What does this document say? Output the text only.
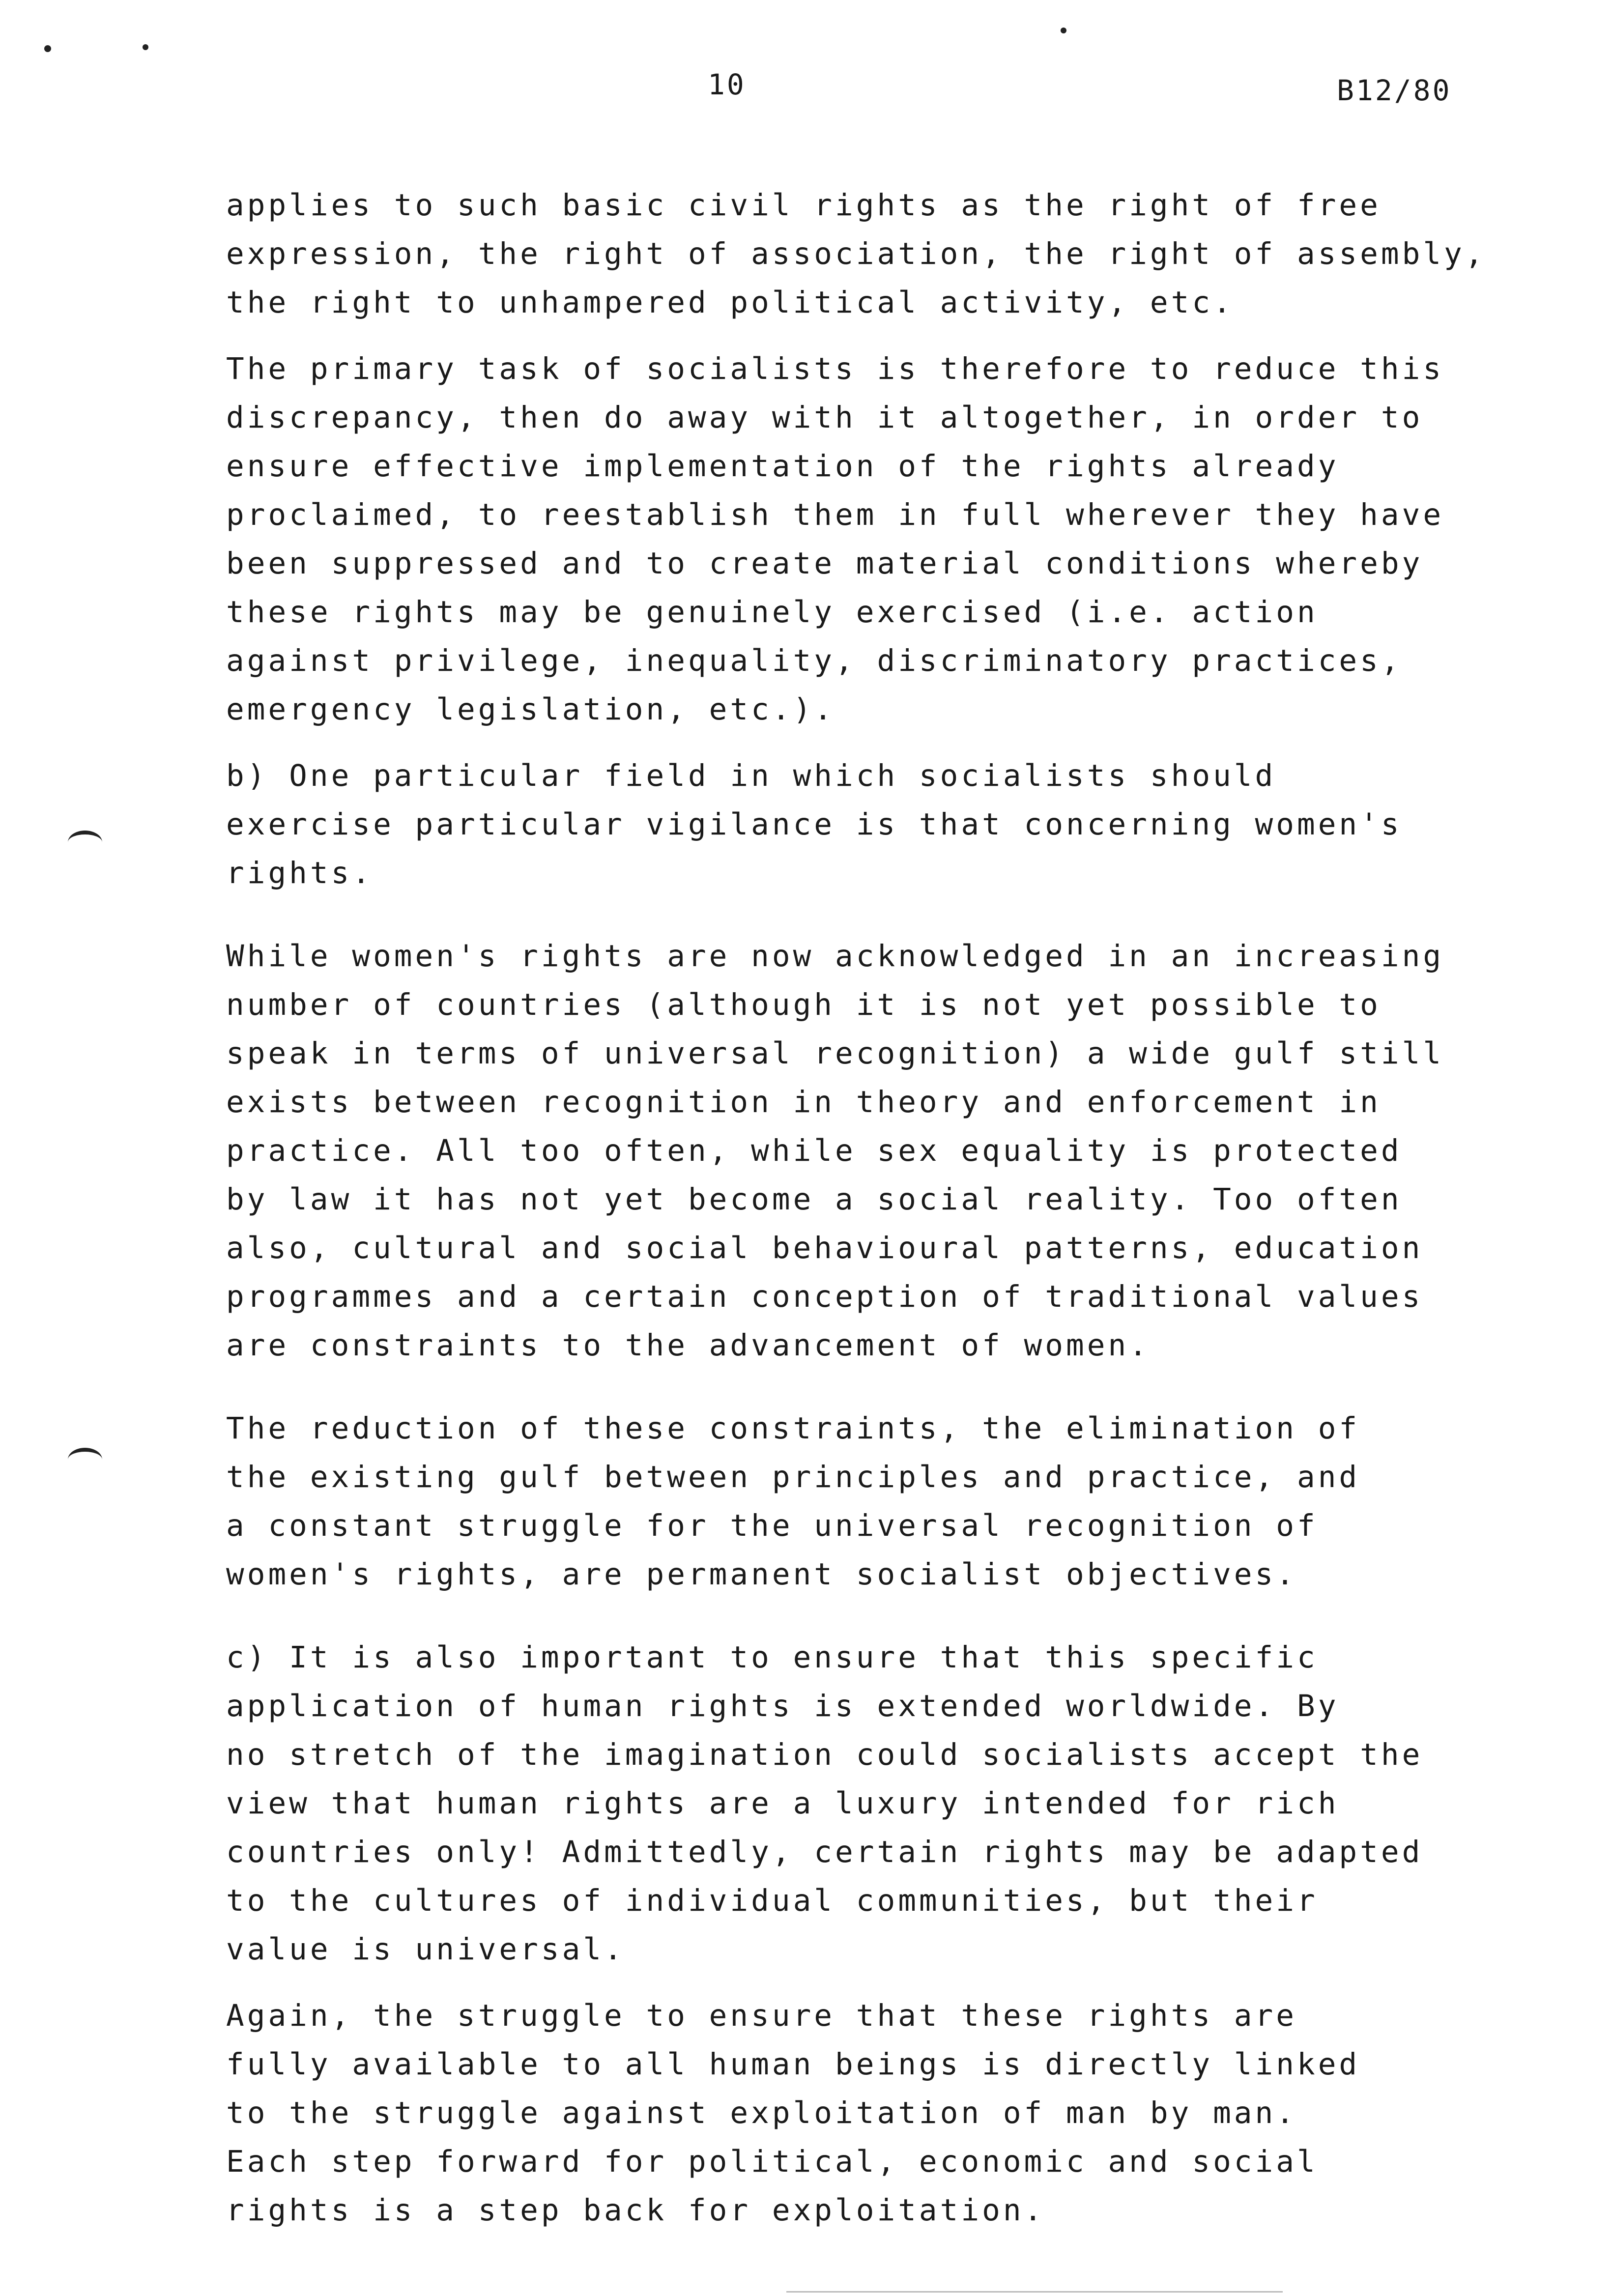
10	B12/80
applies to such basic civil rights as the right of free
expression, the right of association, the right of assembly,
the right to unhampered political activity, etc.
The primary task of socialists is therefore to reduce this
discrepancy, then do away with it altogether, in order to
ensure effective implementation of the rights already
proclaimed, to reestablish them in full wherever they have
been suppressed and to create material conditions whereby
these rights may be genuinely exercised (i.e. action
against privilege, inequality, discriminatory practices,
emergency legislation, etc.).
b) One particular field in which socialists should
exercise particular vigilance is that concerning women's
rights.
While women's rights are now acknowledged in an increasing
number of countries (although it is not yet possible to
speak in terms of universal recognition) a wide gulf still
exists between recognition in theory and enforcement in
practice. All too often, while sex equality is protected
by law it has not yet become a social reality. Too often
also, cultural and social behavioural patterns, education
programmes and a certain conception of traditional values
are constraints to the advancement of women.
The reduction of these constraints, the elimination of
the existing gulf between principles and practice, and
a constant struggle for the universal recognition of
women's rights, are permanent socialist objectives.
c) It is also important to ensure that this specific
application of human rights is extended worldwide. By
no stretch of the imagination could socialists accept the
view that human rights are a luxury intended for rich
countries only! Admittedly, certain rights may be adapted
to the cultures of individual communities, but their
value is universal.
Again, the struggle to ensure that these rights are
fully available to all human beings is directly linked
to the struggle against exploitation of man by man.
Each step forward for political, economic and social
rights is a step back for exploitation.
